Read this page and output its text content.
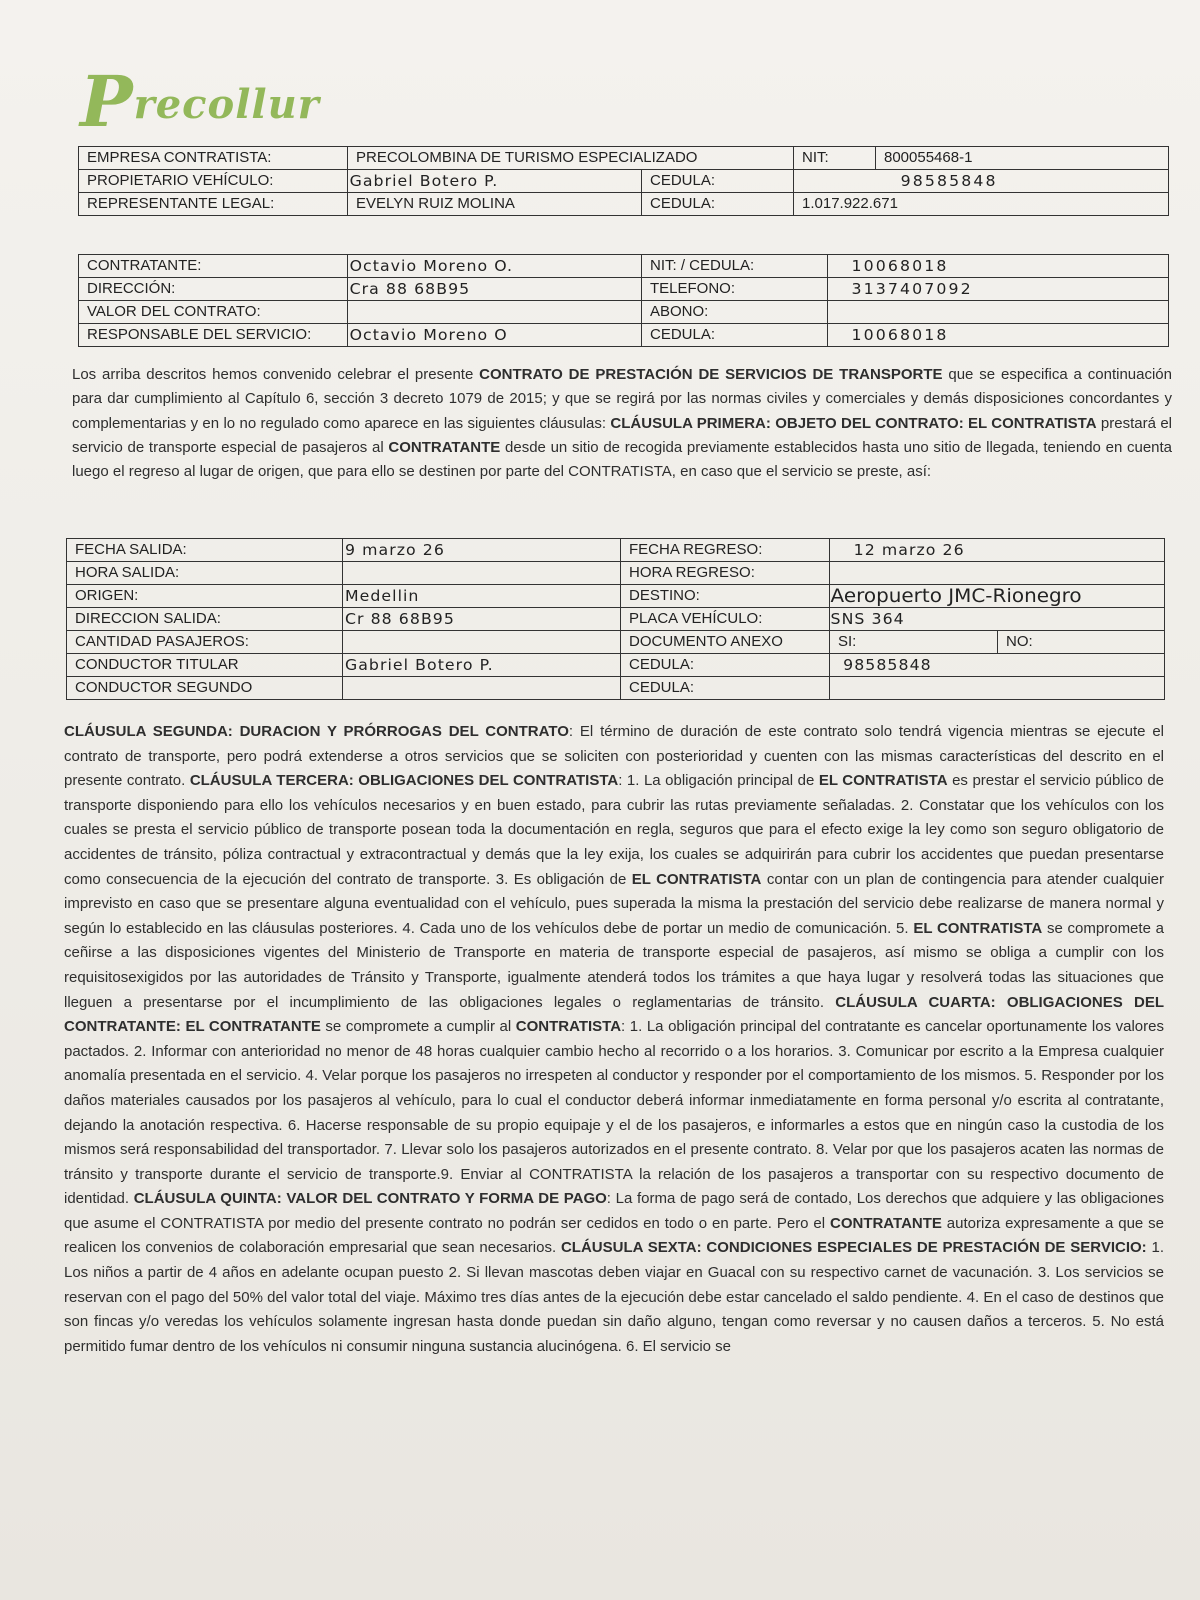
Precollur
EMPRESA CONTRATISTA:	PRECOLOMBINA DE TURISMO ESPECIALIZADO		NIT:	800055468-1
PROPIETARIO VEHÍCULO:	Gabriel Botero P.	CEDULA:	98585848	
REPRESENTANTE LEGAL:	EVELYN RUIZ MOLINA	CEDULA:	1.017.922.671	
CONTRATANTE:	Octavio Moreno O.	NIT: / CEDULA:	10068018
DIRECCIÓN:	Cra 88 68B95	TELEFONO:	3137407092
VALOR DEL CONTRATO:		ABONO:	
RESPONSABLE DEL SERVICIO:	Octavio Moreno O	CEDULA:	10068018
Los arriba descritos hemos convenido celebrar el presente CONTRATO DE PRESTACIÓN DE SERVICIOS DE TRANSPORTE que se especifica a continuación para dar cumplimiento al Capítulo 6, sección 3 decreto 1079 de 2015; y que se regirá por las normas civiles y comerciales y demás disposiciones concordantes y complementarias y en lo no regulado como aparece en las siguientes cláusulas: CLÁUSULA PRIMERA: OBJETO DEL CONTRATO: EL CONTRATISTA prestará el servicio de transporte especial de pasajeros al CONTRATANTE desde un sitio de recogida previamente establecidos hasta uno sitio de llegada, teniendo en cuenta luego el regreso al lugar de origen, que para ello se destinen por parte del CONTRATISTA, en caso que el servicio se preste, así:
FECHA SALIDA:	9 marzo 26	FECHA REGRESO:	12 marzo 26	
HORA SALIDA:		HORA REGRESO:		
ORIGEN:	Medellin	DESTINO:	Aeropuerto JMC-Rionegro	
DIRECCION SALIDA:	Cr 88 68B95	PLACA VEHÍCULO:	SNS 364	
CANTIDAD PASAJEROS:		DOCUMENTO ANEXO	SI:	NO:
CONDUCTOR TITULAR	Gabriel Botero P.	CEDULA:	98585848	
CONDUCTOR SEGUNDO		CEDULA:		
CLÁUSULA SEGUNDA: DURACION Y PRÓRROGAS DEL CONTRATO: El término de duración de este contrato solo tendrá vigencia mientras se ejecute el contrato de transporte, pero podrá extenderse a otros servicios que se soliciten con posterioridad y cuenten con las mismas características del descrito en el presente contrato. CLÁUSULA TERCERA: OBLIGACIONES DEL CONTRATISTA: 1. La obligación principal de EL CONTRATISTA es prestar el servicio público de transporte disponiendo para ello los vehículos necesarios y en buen estado, para cubrir las rutas previamente señaladas. 2. Constatar que los vehículos con los cuales se presta el servicio público de transporte posean toda la documentación en regla, seguros que para el efecto exige la ley como son seguro obligatorio de accidentes de tránsito, póliza contractual y extracontractual y demás que la ley exija, los cuales se adquirirán para cubrir los accidentes que puedan presentarse como consecuencia de la ejecución del contrato de transporte. 3. Es obligación de EL CONTRATISTA contar con un plan de contingencia para atender cualquier imprevisto en caso que se presentare alguna eventualidad con el vehículo, pues superada la misma la prestación del servicio debe realizarse de manera normal y según lo establecido en las cláusulas posteriores. 4. Cada uno de los vehículos debe de portar un medio de comunicación. 5. EL CONTRATISTA se compromete a ceñirse a las disposiciones vigentes del Ministerio de Transporte en materia de transporte especial de pasajeros, así mismo se obliga a cumplir con los requisitosexigidos por las autoridades de Tránsito y Transporte, igualmente atenderá todos los trámites a que haya lugar y resolverá todas las situaciones que lleguen a presentarse por el incumplimiento de las obligaciones legales o reglamentarias de tránsito. CLÁUSULA CUARTA: OBLIGACIONES DEL CONTRATANTE: EL CONTRATANTE se compromete a cumplir al CONTRATISTA: 1. La obligación principal del contratante es cancelar oportunamente los valores pactados. 2. Informar con anterioridad no menor de 48 horas cualquier cambio hecho al recorrido o a los horarios. 3. Comunicar por escrito a la Empresa cualquier anomalía presentada en el servicio. 4. Velar porque los pasajeros no irrespeten al conductor y responder por el comportamiento de los mismos. 5. Responder por los daños materiales causados por los pasajeros al vehículo, para lo cual el conductor deberá informar inmediatamente en forma personal y/o escrita al contratante, dejando la anotación respectiva. 6. Hacerse responsable de su propio equipaje y el de los pasajeros, e informarles a estos que en ningún caso la custodia de los mismos será responsabilidad del transportador. 7. Llevar solo los pasajeros autorizados en el presente contrato. 8. Velar por que los pasajeros acaten las normas de tránsito y transporte durante el servicio de transporte.9. Enviar al CONTRATISTA la relación de los pasajeros a transportar con su respectivo documento de identidad. CLÁUSULA QUINTA: VALOR DEL CONTRATO Y FORMA DE PAGO: La forma de pago será de contado, Los derechos que adquiere y las obligaciones que asume el CONTRATISTA por medio del presente contrato no podrán ser cedidos en todo o en parte. Pero el CONTRATANTE autoriza expresamente a que se realicen los convenios de colaboración empresarial que sean necesarios. CLÁUSULA SEXTA: CONDICIONES ESPECIALES DE PRESTACIÓN DE SERVICIO: 1. Los niños a partir de 4 años en adelante ocupan puesto 2. Si llevan mascotas deben viajar en Guacal con su respectivo carnet de vacunación. 3. Los servicios se reservan con el pago del 50% del valor total del viaje. Máximo tres días antes de la ejecución debe estar cancelado el saldo pendiente. 4. En el caso de destinos que son fincas y/o veredas los vehículos solamente ingresan hasta donde puedan sin daño alguno, tengan como reversar y no causen daños a terceros. 5. No está permitido fumar dentro de los vehículos ni consumir ninguna sustancia alucinógena. 6. El servicio se
